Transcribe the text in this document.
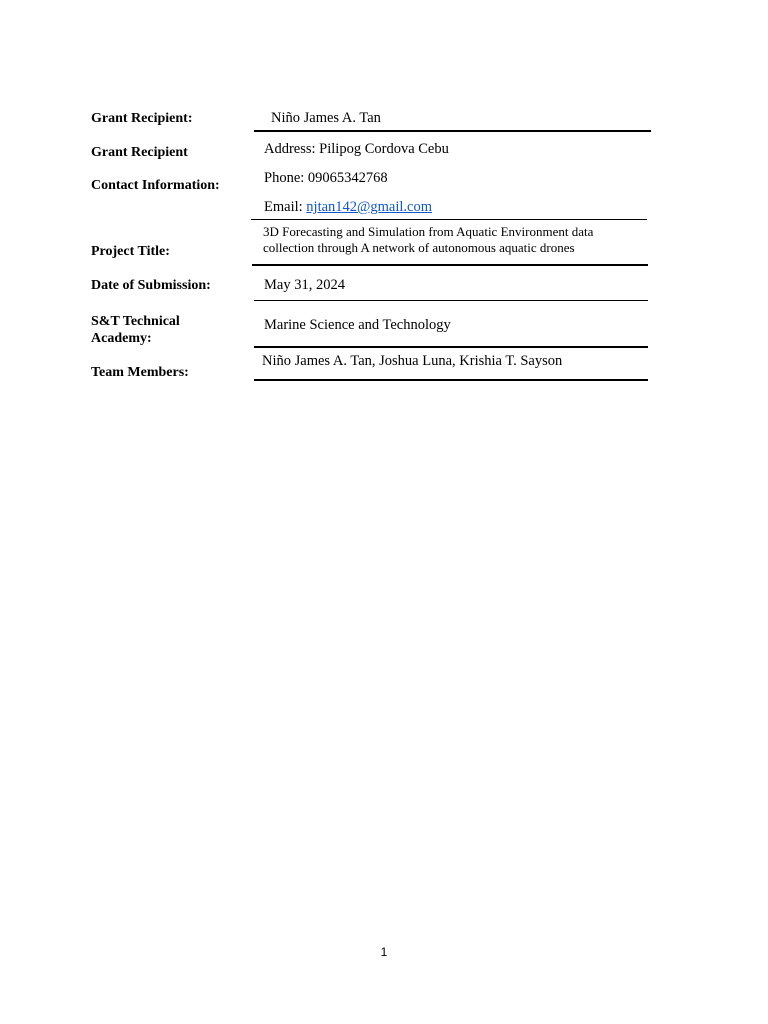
Grant Recipient:
Grant Recipient
Contact Information:
Project Title:
Date of Submission:
S&T Technical
Academy:
Team Members:
Niño James A. Tan
Address: Pilipog Cordova Cebu
Phone: 09065342768
Email: njtan142@gmail.com
3D Forecasting and Simulation from Aquatic Environment data
collection through A network of autonomous aquatic drones
May 31, 2024
Marine Science and Technology
Niño James A. Tan, Joshua Luna, Krishia T. Sayson
1
